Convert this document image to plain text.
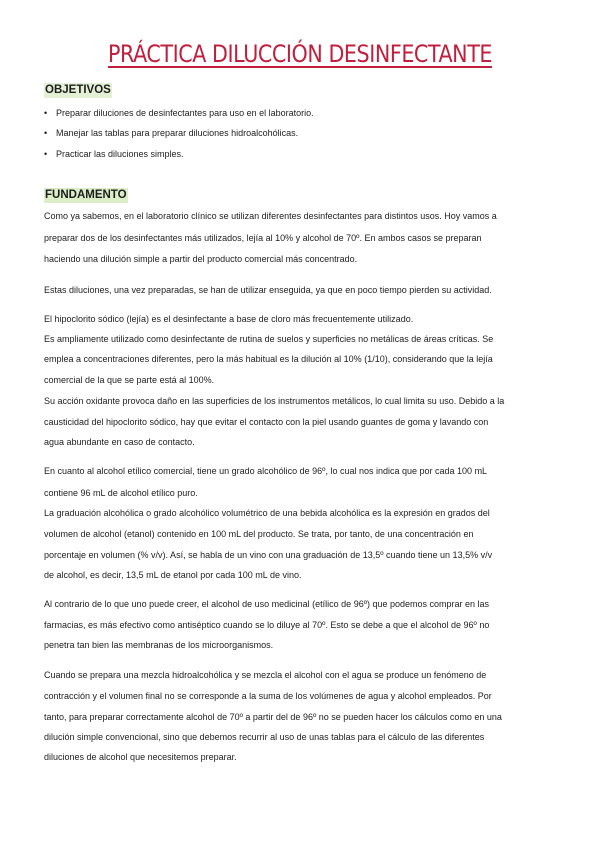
PRÁCTICA DILUCCIÓN DESINFECTANTE
OBJETIVOS
• Preparar diluciones de desinfectantes para uso en el laboratorio.
• Manejar las tablas para preparar diluciones hidroalcohólicas.
• Practicar las diluciones simples.
FUNDAMENTO
Como ya sabemos, en el laboratorio clínico se utilizan diferentes desinfectantes para distintos usos. Hoy vamos a
preparar dos de los desinfectantes más utilizados, lejía al 10% y alcohol de 70º. En ambos casos se preparan
haciendo una dilución simple a partir del producto comercial más concentrado.
Estas diluciones, una vez preparadas, se han de utilizar enseguida, ya que en poco tiempo pierden su actividad.
El hipoclorito sódico (lejía) es el desinfectante a base de cloro más frecuentemente utilizado.
Es ampliamente utilizado como desinfectante de rutina de suelos y superficies no metálicas de áreas críticas. Se
emplea a concentraciones diferentes, pero la más habitual es la dilución al 10% (1/10), considerando que la lejía
comercial de la que se parte está al 100%.
Su acción oxidante provoca daño en las superficies de los instrumentos metálicos, lo cual limita su uso. Debido a la
causticidad del hipoclorito sódico, hay que evitar el contacto con la piel usando guantes de goma y lavando con
agua abundante en caso de contacto.
En cuanto al alcohol etílico comercial, tiene un grado alcohólico de 96º, lo cual nos indica que por cada 100 mL
contiene 96 mL de alcohol etílico puro.
La graduación alcohólica o grado alcohólico volumétrico de una bebida alcohólica es la expresión en grados del
volumen de alcohol (etanol) contenido en 100 mL del producto. Se trata, por tanto, de una concentración en
porcentaje en volumen (% v/v). Así, se habla de un vino con una graduación de 13,5º cuando tiene un 13,5% v/v
de alcohol, es decir, 13,5 mL de etanol por cada 100 mL de vino.
Al contrario de lo que uno puede creer, el alcohol de uso medicinal (etílico de 96º) que podemos comprar en las
farmacias, es más efectivo como antiséptico cuando se lo diluye al 70º. Esto se debe a que el alcohol de 96º no
penetra tan bien las membranas de los microorganismos.
Cuando se prepara una mezcla hidroalcohólica y se mezcla el alcohol con el agua se produce un fenómeno de
contracción y el volumen final no se corresponde a la suma de los volúmenes de agua y alcohol empleados. Por
tanto, para preparar correctamente alcohol de 70º a partir del de 96º no se pueden hacer los cálculos como en una
dilución simple convencional, sino que debemos recurrir al uso de unas tablas para el cálculo de las diferentes
diluciones de alcohol que necesitemos preparar.
